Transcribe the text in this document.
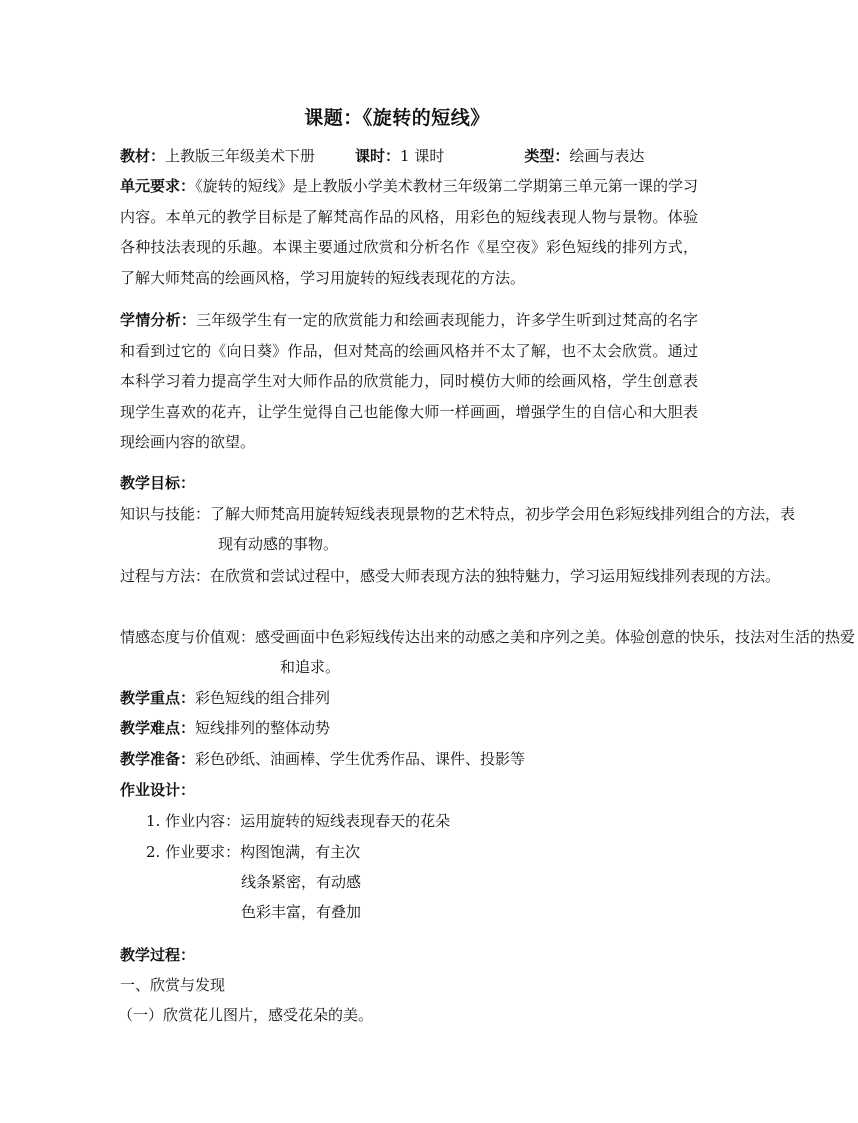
课题：《旋转的短线》
教材：上教版三年级美术下册	课时：1 课时	类型：绘画与表达

单元要求：《旋转的短线》是上教版小学美术教材三年级第二学期第三单元第一课的学习内容。本单元的教学目标是了解梵高作品的风格，用彩色的短线表现人物与景物。体验各种技法表现的乐趣。本课主要通过欣赏和分析名作《星空夜》彩色短线的排列方式，了解大师梵高的绘画风格，学习用旋转的短线表现花的方法。

学情分析：三年级学生有一定的欣赏能力和绘画表现能力，许多学生听到过梵高的名字和看到过它的《向日葵》作品，但对梵高的绘画风格并不太了解，也不太会欣赏。通过本科学习着力提高学生对大师作品的欣赏能力，同时模仿大师的绘画风格，学生创意表现学生喜欢的花卉，让学生觉得自己也能像大师一样画画，增强学生的自信心和大胆表现绘画内容的欲望。

教学目标：
知识与技能：了解大师梵高用旋转短线表现景物的艺术特点，初步学会用色彩短线排列组合的方法，表现有动感的事物。
过程与方法：在欣赏和尝试过程中，感受大师表现方法的独特魅力，学习运用短线排列表现的方法。
情感态度与价值观：感受画面中色彩短线传达出来的动感之美和序列之美。体验创意的快乐，技法对生活的热爱和追求。
教学重点：彩色短线的组合排列
教学难点：短线排列的整体动势
教学准备：彩色砂纸、油画棒、学生优秀作品、课件、投影等
作业设计：
1. 作业内容：运用旋转的短线表现春天的花朵
2. 作业要求：构图饱满，有主次
线条紧密，有动感
色彩丰富，有叠加
教学过程：
一、欣赏与发现
（一）欣赏花儿图片，感受花朵的美。
